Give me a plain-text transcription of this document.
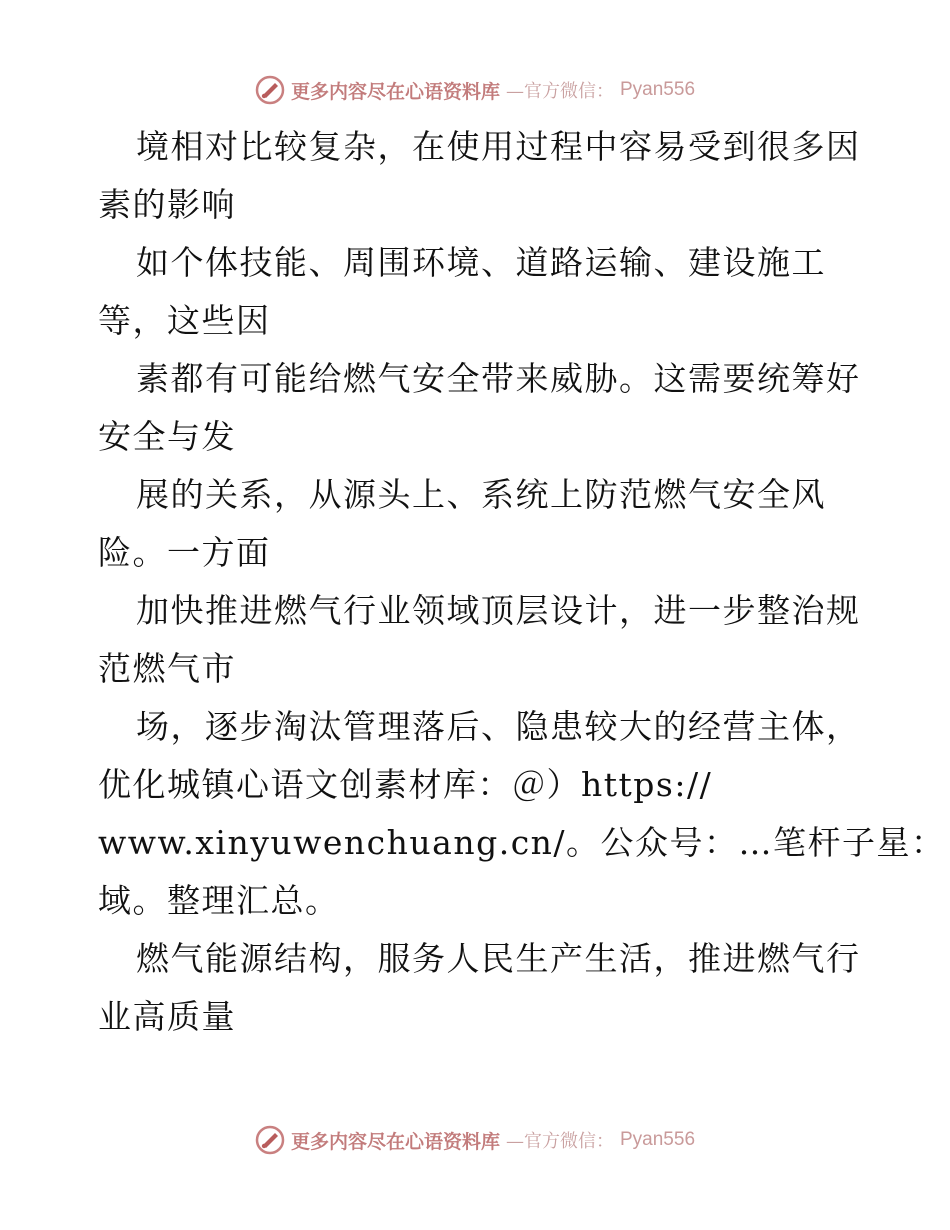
更多内容尽在心语资料库 —官方微信： Pyan556
境相对比较复杂，在使用过程中容易受到很多因
素的影响
如个体技能、周围环境、道路运输、建设施工
等，这些因
素都有可能给燃气安全带来威胁。这需要统筹好
安全与发
展的关系，从源头上、系统上防范燃气安全风
险。一方面
加快推进燃气行业领域顶层设计，进一步整治规
范燃气市
场，逐步淘汰管理落后、隐患较大的经营主体，
优化城镇心语文创素材库：＠）https://
www.xinyuwenchuang.cn/。公众号：…笔杆子星：
域。整理汇总。
燃气能源结构，服务人民生产生活，推进燃气行
业高质量
更多内容尽在心语资料库 —官方微信： Pyan556
